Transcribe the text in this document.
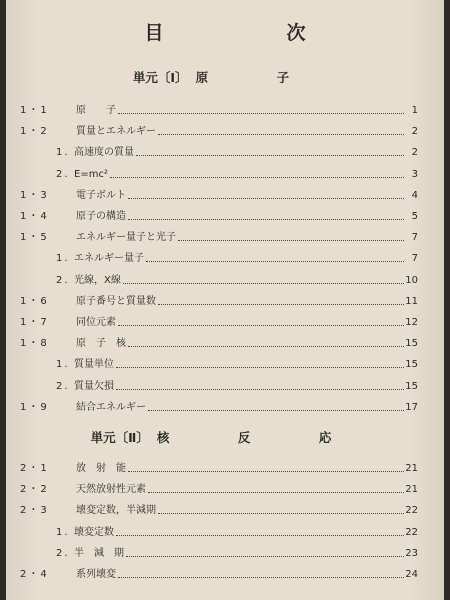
目　次
単元〔Ⅰ〕 原　子
1・1	原　　子	1
1・2	質量とエネルギー	2
1. 高速度の質量	2
2. E=mc²	3
1・3	電子ボルト	4
1・4	原子の構造	5
1・5	エネルギー量子と光子	7
1. エネルギー量子	7
2. 光線，X線	10
1・6	原子番号と質量数	11
1・7	同位元素	12
1・8	原　子　核	15
1. 質量単位	15
2. 質量欠損	15
1・9	結合エネルギー	17
単元〔Ⅱ〕 核　反　応
2・1	放　射　能	21
2・2	天然放射性元素	21
2・3	壊変定数，半減期	22
1. 壊変定数	22
2. 半　減　期	23
2・4	系列壊変	24
